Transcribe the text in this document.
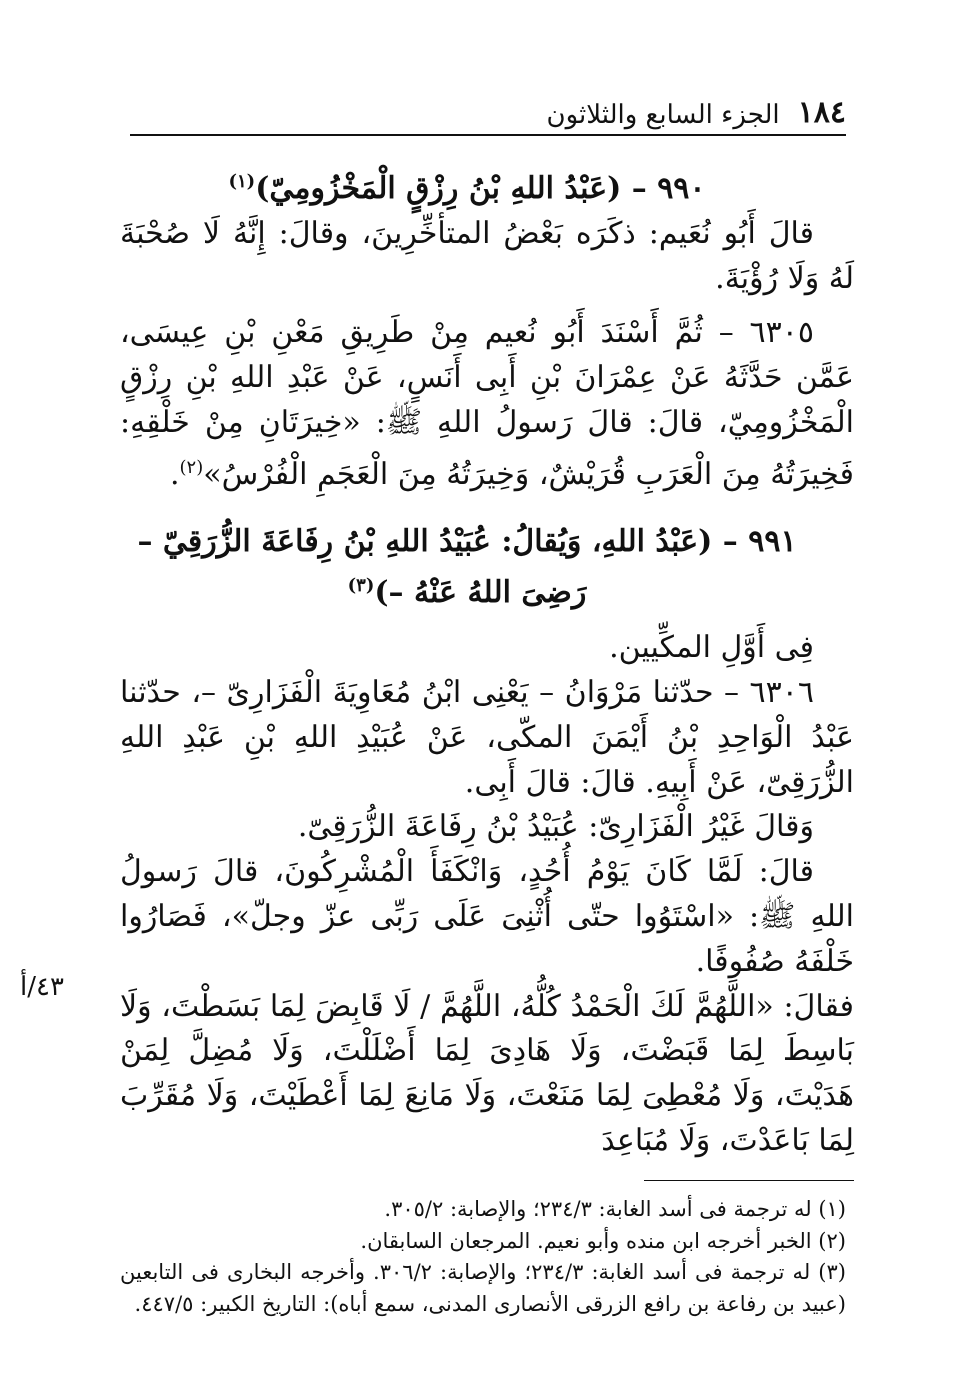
١٨٤
الجزء السابع والثلاثون
٤٣/أ

٩٩٠ – (عَبْدُ اللهِ بْنُ رِزْقٍ الْمَخْزُومِيّ)$^{(١)}$

قالَ أَبُو نُعَيم: ذكَرَه بَعْضُ المتأخِّرِينَ، وقالَ: إِنَّهُ لَا صُحْبَةَ لَهُ وَلَا رُؤْيَةَ.

٦٣٠٥ – ثُمَّ أَسْنَدَ أَبُو نُعيم مِنْ طَرِيقِ مَعْنِ بْنِ عِيسَى، عَمَّن حَدَّثَهُ عَنْ عِمْرَانَ بْنِ أَبِى أَنَسٍ، عَنْ عَبْدِ اللهِ بْنِ رِزْقٍ الْمَخْزُومِيّ، قالَ: قالَ رَسولُ اللهِ ﷺ: «خِيرَتَانِ مِنْ خَلْقِهِ: فَخِيرَتُهُ مِنَ الْعَرَبِ قُرَيْشٌ، وَخِيرَتُهُ مِنَ الْعَجَمِ الْفُرْسُ»$^{(٢)}$.

٩٩١ – (عَبْدُ اللهِ، وَيُقالُ: عُبَيْدُ اللهِ بْنُ رِفَاعَةَ الزُّرَقِيّ – رَضِىَ اللهُ عَنْهُ –)$^{(٣)}$

فِى أَوَّلِ المكِّيين.

٦٣٠٦ – حدّثنا مَرْوَانُ – يَعْنِى ابْنُ مُعَاوِيَةَ الْفَزَارِىّ –، حدّثنا عَبْدُ الْوَاحِدِ بْنُ أَيْمَنَ المكّى، عَنْ عُبَيْدِ اللهِ بْنِ عَبْدِ اللهِ الزُّرَقِىّ، عَنْ أَبِيهِ. قالَ: قالَ أَبِى.

وَقالَ غَيْرُ الْفَزَارِىّ: عُبَيْدُ بْنُ رِفَاعَةَ الزُّرَقِىّ.

قالَ: لَمَّا كَانَ يَوْمُ أُحُدٍ، وَانْكَفَأَ الْمُشْرِكُونَ، قالَ رَسولُ اللهِ ﷺ: «اسْتَوُوا حتّى أُثْنِىَ عَلَى رَبِّى عزّ وجلّ»، فَصَارُوا خَلْفَهُ صُفُوفًا.

فقالَ: «اللَّهُمَّ لَكَ الْحَمْدُ كُلُّهُ، اللَّهُمَّ / لَا قَابِضَ لِمَا بَسَطْتَ، وَلَا بَاسِطَ لِمَا قَبَضْتَ، وَلَا هَادِىَ لِمَا أَضْلَلْتَ، وَلَا مُضِلَّ لِمَنْ هَدَيْتَ، وَلَا مُعْطِىَ لِمَا مَنَعْتَ، وَلَا مَانِعَ لِمَا أَعْطَيْتَ، وَلَا مُقَرِّبَ لِمَا بَاعَدْتَ، وَلَا مُبَاعِدَ

(١) له ترجمة فى أسد الغابة: ٢٣٤/٣؛ والإصابة: ٣٠٥/٢.

(٢) الخبر أخرجه ابن منده وأبو نعيم. المرجعان السابقان.

(٣) له ترجمة فى أسد الغابة: ٢٣٤/٣؛ والإصابة: ٣٠٦/٢. وأخرجه البخارى فى التابعين (عبيد بن رفاعة بن رافع الزرقى الأنصارى المدنى، سمع أباه): التاريخ الكبير: ٤٤٧/٥.
